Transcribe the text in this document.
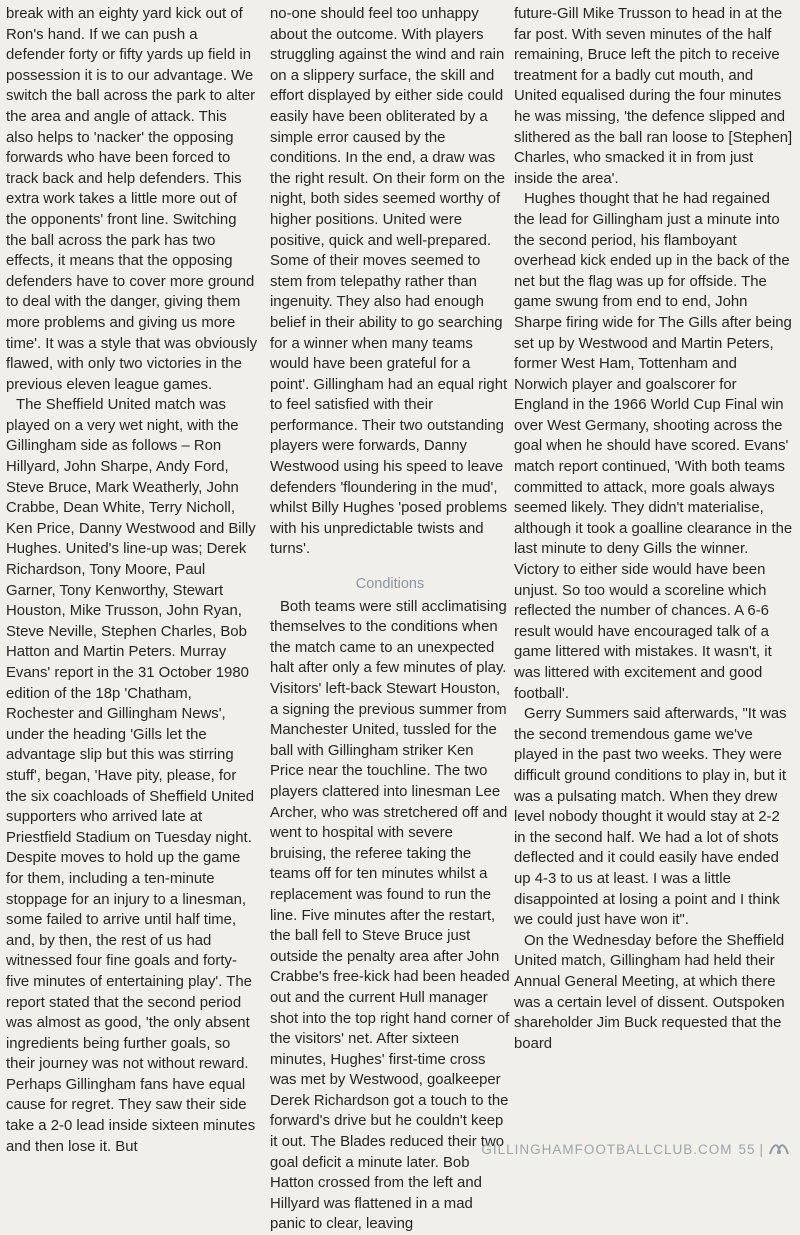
break with an eighty yard kick out of Ron's hand. If we can push a defender forty or fifty yards up field in possession it is to our advantage. We switch the ball across the park to alter the area and angle of attack. This also helps to 'nacker' the opposing forwards who have been forced to track back and help defenders. This extra work takes a little more out of the opponents' front line. Switching the ball across the park has two effects, it means that the opposing defenders have to cover more ground to deal with the danger, giving them more problems and giving us more time'. It was a style that was obviously flawed, with only two victories in the previous eleven league games.

The Sheffield United match was played on a very wet night, with the Gillingham side as follows – Ron Hillyard, John Sharpe, Andy Ford, Steve Bruce, Mark Weatherly, John Crabbe, Dean White, Terry Nicholl, Ken Price, Danny Westwood and Billy Hughes. United's line-up was; Derek Richardson, Tony Moore, Paul Garner, Tony Kenworthy, Stewart Houston, Mike Trusson, John Ryan, Steve Neville, Stephen Charles, Bob Hatton and Martin Peters. Murray Evans' report in the 31 October 1980 edition of the 18p 'Chatham, Rochester and Gillingham News', under the heading 'Gills let the advantage slip but this was stirring stuff', began, 'Have pity, please, for the six coachloads of Sheffield United supporters who arrived late at Priestfield Stadium on Tuesday night. Despite moves to hold up the game for them, including a ten-minute stoppage for an injury to a linesman, some failed to arrive until half time, and, by then, the rest of us had witnessed four fine goals and forty-five minutes of entertaining play'. The report stated that the second period was almost as good, 'the only absent ingredients being further goals, so their journey was not without reward. Perhaps Gillingham fans have equal cause for regret. They saw their side take a 2-0 lead inside sixteen minutes and then lose it. But

no-one should feel too unhappy about the outcome. With players struggling against the wind and rain on a slippery surface, the skill and effort displayed by either side could easily have been obliterated by a simple error caused by the conditions. In the end, a draw was the right result. On their form on the night, both sides seemed worthy of higher positions. United were positive, quick and well-prepared. Some of their moves seemed to stem from telepathy rather than ingenuity. They also had enough belief in their ability to go searching for a winner when many teams would have been grateful for a point'. Gillingham had an equal right to feel satisfied with their performance. Their two outstanding players were forwards, Danny Westwood using his speed to leave defenders 'floundering in the mud', whilst Billy Hughes 'posed problems with his unpredictable twists and turns'.

Conditions

Both teams were still acclimatising themselves to the conditions when the match came to an unexpected halt after only a few minutes of play. Visitors' left-back Stewart Houston, a signing the previous summer from Manchester United, tussled for the ball with Gillingham striker Ken Price near the touchline. The two players clattered into linesman Lee Archer, who was stretchered off and went to hospital with severe bruising, the referee taking the teams off for ten minutes whilst a replacement was found to run the line. Five minutes after the restart, the ball fell to Steve Bruce just outside the penalty area after John Crabbe's free-kick had been headed out and the current Hull manager shot into the top right hand corner of the visitors' net. After sixteen minutes, Hughes' first-time cross was met by Westwood, goalkeeper Derek Richardson got a touch to the forward's drive but he couldn't keep it out. The Blades reduced their two goal deficit a minute later. Bob Hatton crossed from the left and Hillyard was flattened in a mad panic to clear, leaving

future-Gill Mike Trusson to head in at the far post. With seven minutes of the half remaining, Bruce left the pitch to receive treatment for a badly cut mouth, and United equalised during the four minutes he was missing, 'the defence slipped and slithered as the ball ran loose to [Stephen] Charles, who smacked it in from just inside the area'.

Hughes thought that he had regained the lead for Gillingham just a minute into the second period, his flamboyant overhead kick ended up in the back of the net but the flag was up for offside. The game swung from end to end, John Sharpe firing wide for The Gills after being set up by Westwood and Martin Peters, former West Ham, Tottenham and Norwich player and goalscorer for England in the 1966 World Cup Final win over West Germany, shooting across the goal when he should have scored. Evans' match report continued, 'With both teams committed to attack, more goals always seemed likely. They didn't materialise, although it took a goalline clearance in the last minute to deny Gills the winner. Victory to either side would have been unjust. So too would a scoreline which reflected the number of chances. A 6-6 result would have encouraged talk of a game littered with mistakes. It wasn't, it was littered with excitement and good football'.

Gerry Summers said afterwards, "It was the second tremendous game we've played in the past two weeks. They were difficult ground conditions to play in, but it was a pulsating match. When they drew level nobody thought it would stay at 2-2 in the second half. We had a lot of shots deflected and it could easily have ended up 4-3 to us at least. I was a little disappointed at losing a point and I think we could just have won it".

On the Wednesday before the Sheffield United match, Gillingham had held their Annual General Meeting, at which there was a certain level of dissent. Outspoken shareholder Jim Buck requested that the board

GILLINGHAMFOOTBALLCLUB.COM 55 |
